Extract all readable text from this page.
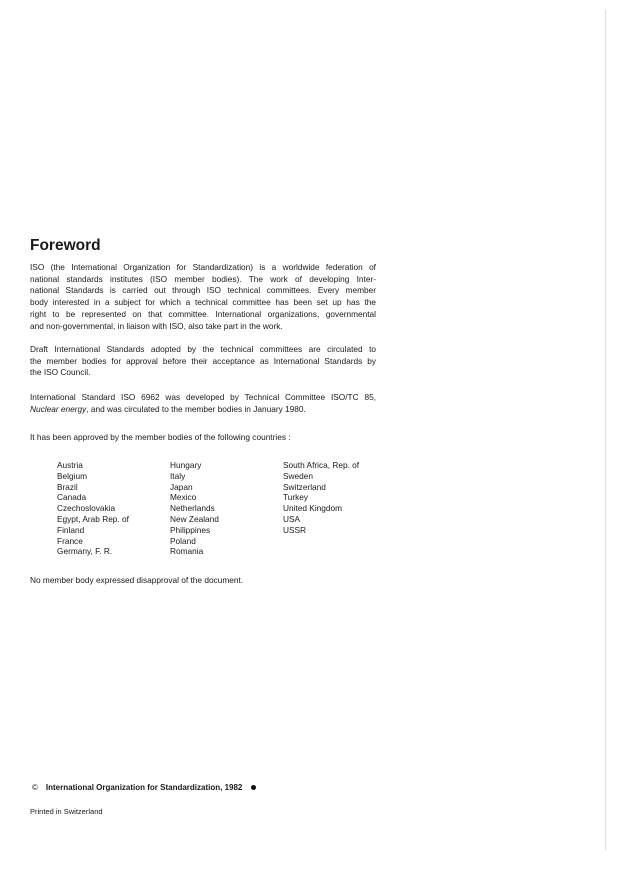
Foreword
ISO (the International Organization for Standardization) is a worldwide federation of
national standards institutes (ISO member bodies). The work of developing Inter-
national Standards is carried out through ISO technical committees. Every member
body interested in a subject for which a technical committee has been set up has the
right to be represented on that committee. International organizations, governmental
and non-governmental, in liaison with ISO, also take part in the work.
Draft International Standards adopted by the technical committees are circulated to
the member bodies for approval before their acceptance as International Standards by
the ISO Council.
International Standard ISO 6962 was developed by Technical Committee ISO/TC 85,
Nuclear energy, and was circulated to the member bodies in January 1980.
It has been approved by the member bodies of the following countries :
Austria
Belgium
Brazil
Canada
Czechoslovakia
Egypt, Arab Rep. of
Finland
France
Germany, F. R.
Hungary
Italy
Japan
Mexico
Netherlands
New Zealand
Philippines
Poland
Romania
South Africa, Rep. of
Sweden
Switzerland
Turkey
United Kingdom
USA
USSR
No member body expressed disapproval of the document.
© International Organization for Standardization, 1982
Printed in Switzerland
